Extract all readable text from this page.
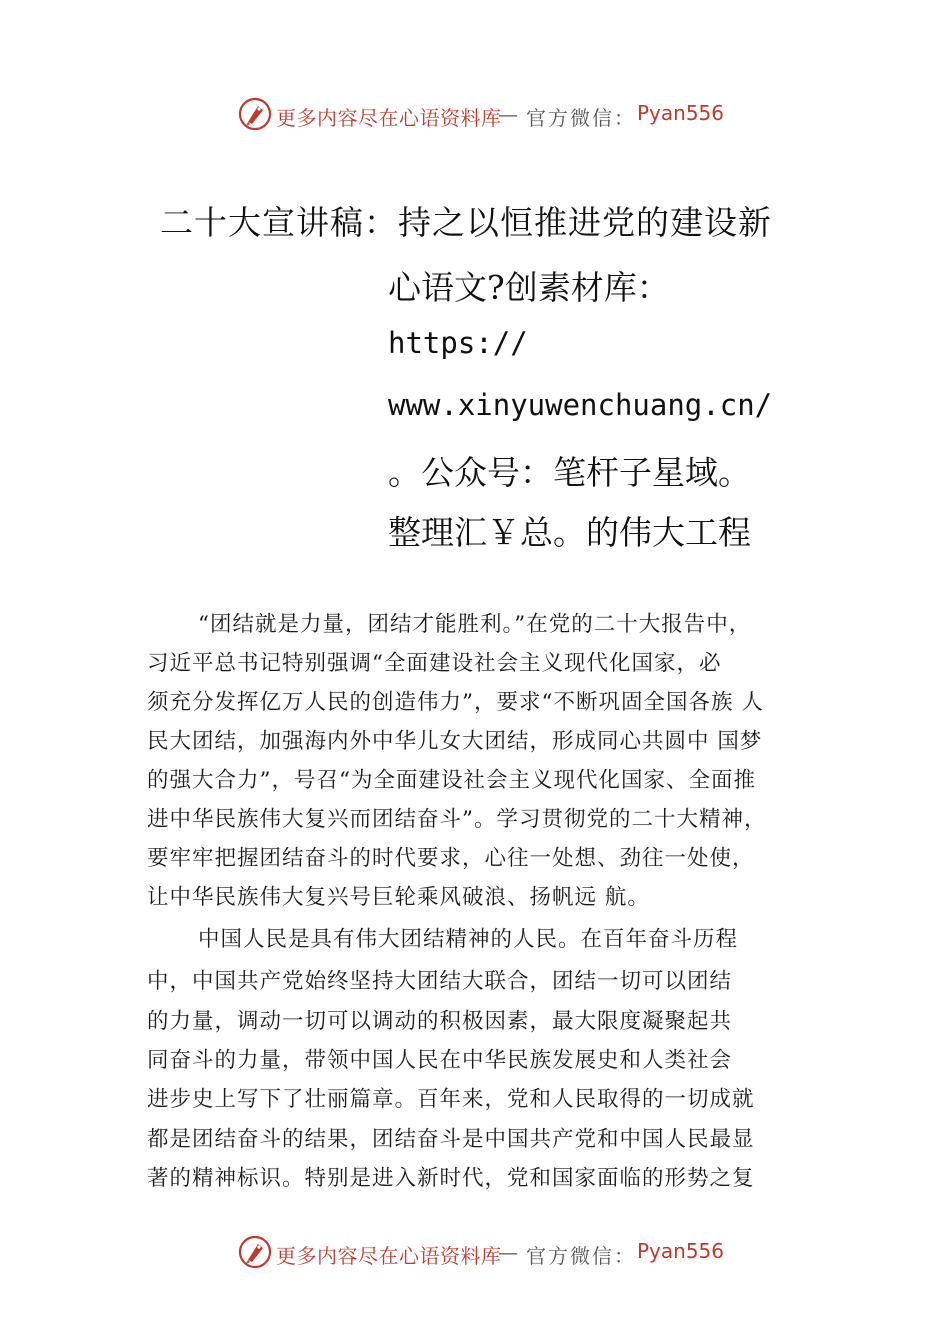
更多内容尽在心语资料库
— 官方微信： Pyan556
二十大宣讲稿：持之以恒推进党的建设新
心语文?创素材库：
https://
www.xinyuwenchuang.cn/
。公众号：笔杆子星域。
整理汇￥总。的伟大工程
“团结就是力量，团结才能胜利。”在党的二十大报告中，
习近平总书记特别强调“全面建设社会主义现代化国家，必
须充分发挥亿万人民的创造伟力”，要求“不断巩固全国各族 人
民大团结，加强海内外中华儿女大团结，形成同心共圆中 国梦
的强大合力”，号召“为全面建设社会主义现代化国家、全面推
进中华民族伟大复兴而团结奋斗”。学习贯彻党的二十大精神，
要牢牢把握团结奋斗的时代要求，心往一处想、劲往一处使，
让中华民族伟大复兴号巨轮乘风破浪、扬帆远 航。
中国人民是具有伟大团结精神的人民。在百年奋斗历程
中，中国共产党始终坚持大团结大联合，团结一切可以团结
的力量，调动一切可以调动的积极因素，最大限度凝聚起共
同奋斗的力量，带领中国人民在中华民族发展史和人类社会
进步史上写下了壮丽篇章。百年来，党和人民取得的一切成就
都是团结奋斗的结果，团结奋斗是中国共产党和中国人民最显
著的精神标识。特别是进入新时代，党和国家面临的形势之复
更多内容尽在心语资料库
— 官方微信： Pyan556
